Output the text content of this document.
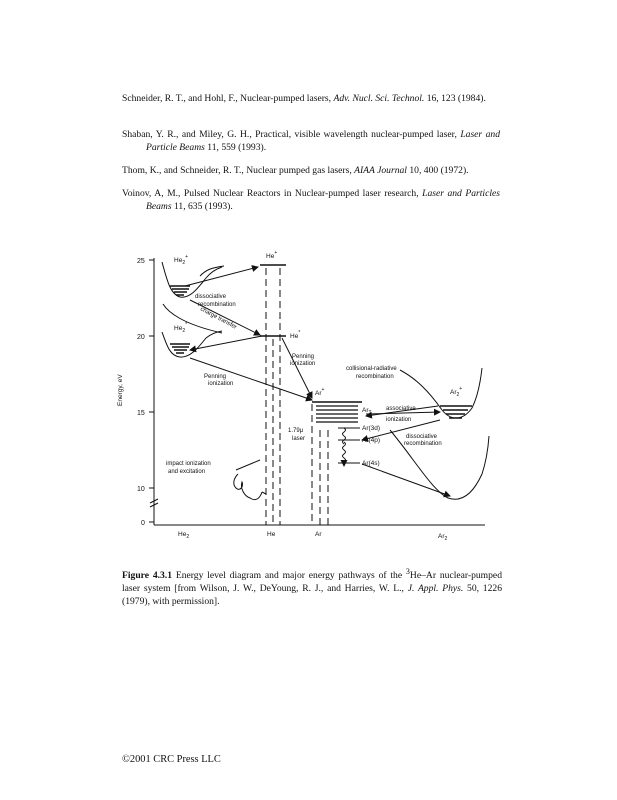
Schneider, R. T., and Hohl, F., Nuclear-pumped lasers, Adv. Nucl. Sci. Technol. 16, 123 (1984).
Shaban, Y. R., and Miley, G. H., Practical, visible wavelength nuclear-pumped laser, Laser and Particle Beams 11, 559 (1993).
Thom, K., and Schneider, R. T., Nuclear pumped gas lasers, AIAA Journal 10, 400 (1972).
Voinov, A, M., Pulsed Nuclear Reactors in Nuclear-pumped laser research, Laser and Particles Beams 11, 635 (1993).
25
20
15
10
0
Energy, eV
$He_2$	He	Ar	$Ar_2$
$He_2^+$	He+
He*
$He_2^*$
Ar+	$Ar_2^+$
$Ar_T$
Ar(3d)
Ar(4p)
Ar(4s)
dissociative
recombination
charge transfer
Penning
ionization
Penning
ionization
collisional-radiative
recombination
associative
ionization
dissociative
recombination
1.79μ
laser
impact ionization
and excitation
Figure 4.3.1 Energy level diagram and major energy pathways of the $^3$He–Ar nuclear-pumped laser system [from Wilson, J. W., DeYoung, R. J., and Harries, W. L., J. Appl. Phys. 50, 1226 (1979), with permission].
©2001 CRC Press LLC
